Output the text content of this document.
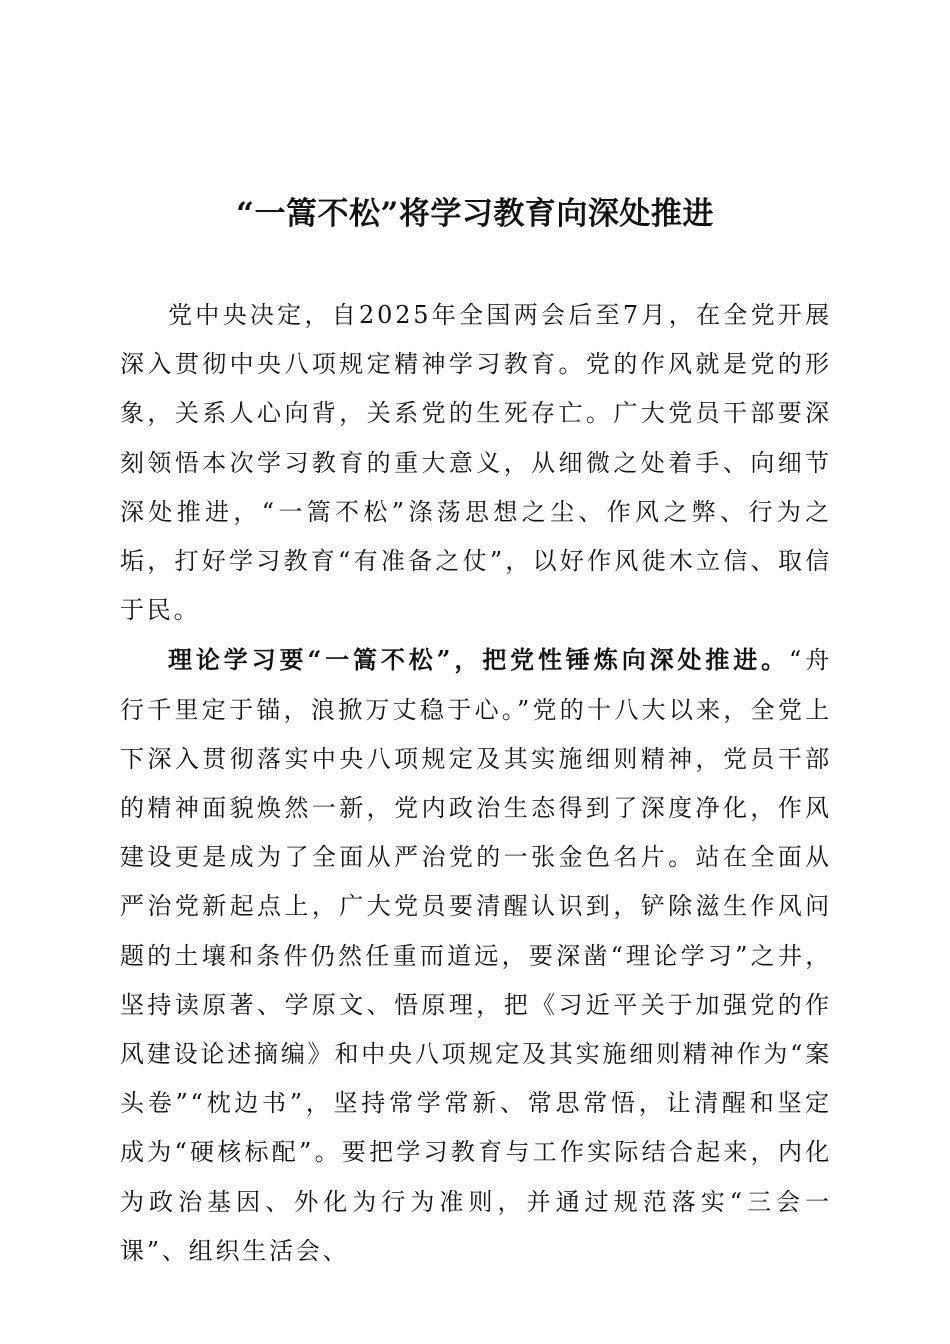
“一篙不松”将学习教育向深处推进

党中央决定，自2025年全国两会后至7月，在全党开展深入贯彻中央八项规定精神学习教育。党的作风就是党的形象，关系人心向背，关系党的生死存亡。广大党员干部要深刻领悟本次学习教育的重大意义，从细微之处着手、向细节深处推进，“一篙不松”涤荡思想之尘、作风之弊、行为之垢，打好学习教育“有准备之仗”，以好作风徙木立信、取信于民。

理论学习要“一篙不松”，把党性锤炼向深处推进。“舟行千里定于锚，浪掀万丈稳于心。”党的十八大以来，全党上下深入贯彻落实中央八项规定及其实施细则精神，党员干部的精神面貌焕然一新，党内政治生态得到了深度净化，作风建设更是成为了全面从严治党的一张金色名片。站在全面从严治党新起点上，广大党员要清醒认识到，铲除滋生作风问题的土壤和条件仍然任重而道远，要深凿“理论学习”之井，坚持读原著、学原文、悟原理，把《习近平关于加强党的作风建设论述摘编》和中央八项规定及其实施细则精神作为“案头卷”“枕边书”，坚持常学常新、常思常悟，让清醒和坚定成为“硬核标配”。要把学习教育与工作实际结合起来，内化为政治基因、外化为行为准则，并通过规范落实“三会一课”、组织生活会、
